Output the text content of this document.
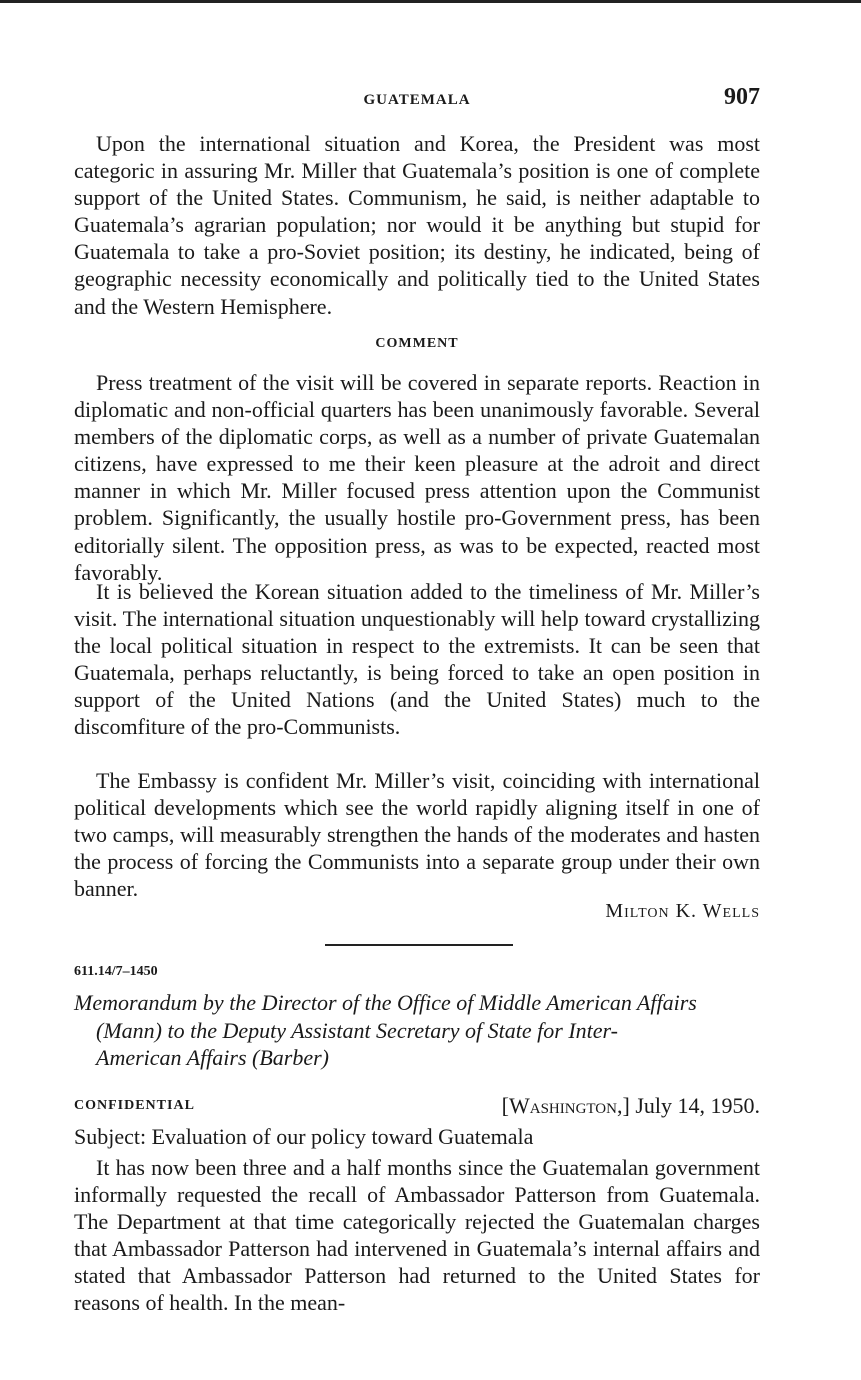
GUATEMALA	907

Upon the international situation and Korea, the President was most categoric in assuring Mr. Miller that Guatemala’s position is one of complete support of the United States. Communism, he said, is neither adaptable to Guatemala’s agrarian population; nor would it be anything but stupid for Guatemala to take a pro-Soviet position; its destiny, he indicated, being of geographic necessity economically and politically tied to the United States and the Western Hemisphere.

COMMENT

Press treatment of the visit will be covered in separate reports. Reaction in diplomatic and non-official quarters has been unanimously favorable. Several members of the diplomatic corps, as well as a number of private Guatemalan citizens, have expressed to me their keen pleasure at the adroit and direct manner in which Mr. Miller focused press attention upon the Communist problem. Significantly, the usually hostile pro-Government press, has been editorially silent. The opposition press, as was to be expected, reacted most favorably.

It is believed the Korean situation added to the timeliness of Mr. Miller’s visit. The international situation unquestionably will help toward crystallizing the local political situation in respect to the extremists. It can be seen that Guatemala, perhaps reluctantly, is being forced to take an open position in support of the United Nations (and the United States) much to the discomfiture of the pro-Communists.

The Embassy is confident Mr. Miller’s visit, coinciding with international political developments which see the world rapidly aligning itself in one of two camps, will measurably strengthen the hands of the moderates and hasten the process of forcing the Communists into a separate group under their own banner.

Milton K. Wells
611.14/7–1450
Memorandum by the Director of the Office of Middle American Affairs
(Mann) to the Deputy Assistant Secretary of State for Inter-
American Affairs (Barber)
CONFIDENTIAL	[Washington,] July 14, 1950.
Subject: Evaluation of our policy toward Guatemala

It has now been three and a half months since the Guatemalan government informally requested the recall of Ambassador Patterson from Guatemala. The Department at that time categorically rejected the Guatemalan charges that Ambassador Patterson had intervened in Guatemala’s internal affairs and stated that Ambassador Patterson had returned to the United States for reasons of health. In the mean-
